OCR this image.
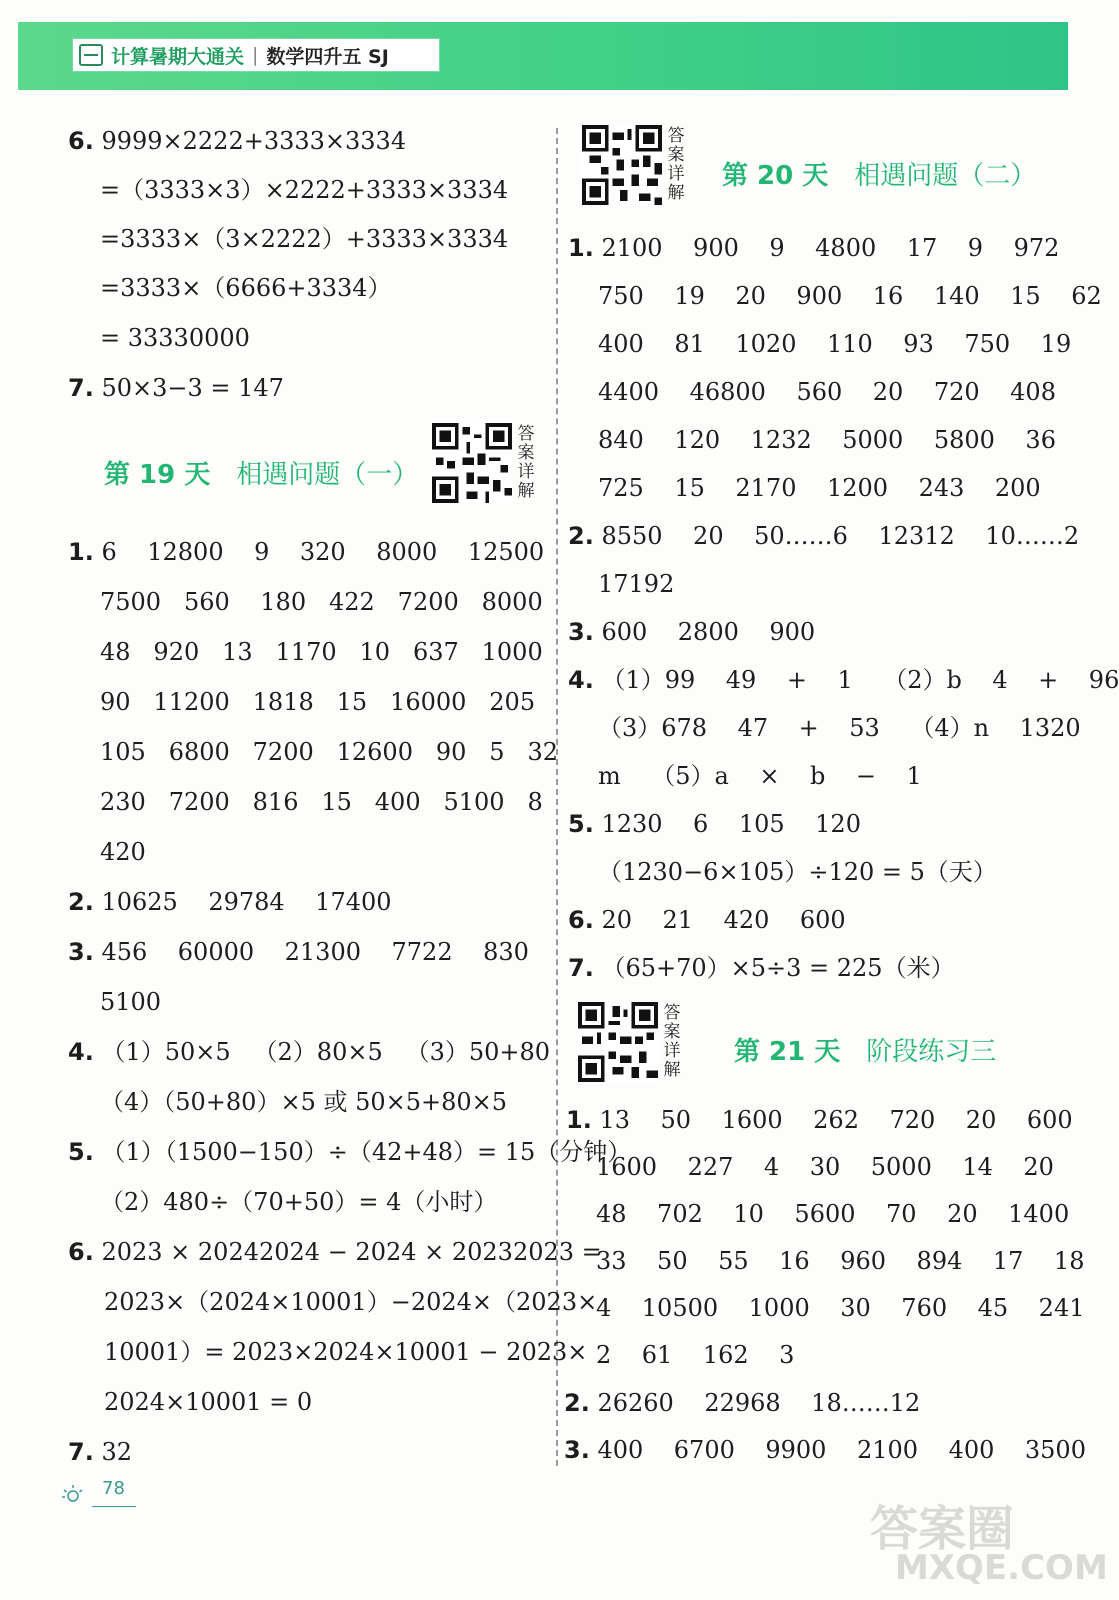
计算暑期大通关 | 数学四升五 SJ
6. 9999×2222+3333×3334
=（3333×3）×2222+3333×3334
=3333×（3×2222）+3333×3334
=3333×（6666+3334）
= 33330000
7. 50×3−3 = 147
第 19 天 相遇问题（一）
答
案
详
解
1. 6    12800    9    320    8000    12500
7500   560    180   422   7200   8000
48   920   13   1170   10   637   1000
90   11200   1818   15   16000   205
105   6800   7200   12600   90   5   32
230   7200   816   15   400   5100   8
420
2. 10625    29784    17400
3. 456    60000    21300    7722    830
5100
4. （1）50×5   （2）80×5   （3）50+80
（4）（50+80）×5 或 50×5+80×5
5. （1）（1500−150）÷（42+48）= 15（分钟）
（2）480÷（70+50）= 4（小时）
6. 2023 × 20242024 − 2024 × 20232023 =
2023×（2024×10001）−2024×（2023×
10001）= 2023×2024×10001 − 2023×
2024×10001 = 0
7. 32
答
案
详
解
第 20 天 相遇问题（二）
1. 2100    900    9    4800    17    9    972
750    19    20    900    16    140    15    62
400    81    1020    110    93    750    19
4400    46800    560    20    720    408
840    120    1232    5000    5800    36
725    15    2170    1200    243    200
2. 8550    20    50……6    12312    10……2
17192
3. 600    2800    900
4. （1）99    49    +    1    （2）b    4    +    96
（3）678    47    +    53    （4）n    1320
m    （5）a    ×    b    −    1
5. 1230    6    105    120
（1230−6×105）÷120 = 5（天）
6. 20    21    420    600
7. （65+70）×5÷3 = 225（米）
答
案
详
解
第 21 天 阶段练习三
1. 13    50    1600    262    720    20    600
1600    227    4    30    5000    14    20
48    702    10    5600    70    20    1400
33    50    55    16    960    894    17    18
4    10500    1000    30    760    45    241
2    61    162    3
2. 26260    22968    18……12
3. 400    6700    9900    2100    400    3500
78
答案圈
MXQE.COM
